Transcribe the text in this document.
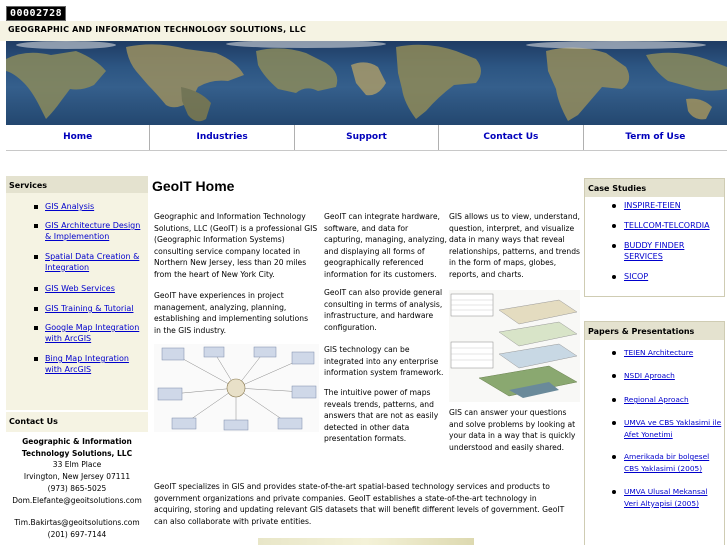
00002728
GEOGRAPHIC AND INFORMATION TECHNOLOGY SOLUTIONS, LLC
Home	Industries	Support	Contact Us	Term of Use
Services
GIS Analysis
GIS Architecture Design & Implemention
Spatial Data Creation & Integration
GIS Web Services
GIS Training & Tutorial
Google Map Integration with ArcGIS
Bing Map Integration with ArcGIS
Contact Us
Geographic & Information
Technology Solutions, LLC
33 Elm Place
Irvington, New Jersey 07111
(973) 865-5025
Dom.Elefante@geoitsolutions.com
Tim.Bakirtas@geoitsolutions.com
(201) 697-7144
GeoIT Home
Geographic and Information Technology Solutions, LLC (GeoIT) is a professional GIS (Geographic Information Systems) consulting service company located in Northern New Jersey, less than 20 miles from the heart of New York City.
GeoIT have experiences in project management, analyzing, planning, establishing and implementing solutions in the GIS industry.
GeoIT can integrate hardware, software, and data for capturing, managing, analyzing, and displaying all forms of geographically referenced information for its customers.
GeoIT can also provide general consulting in terms of analysis, infrastructure, and hardware configuration.
GIS technology can be integrated into any enterprise information system framework.
The intuitive power of maps reveals trends, patterns, and answers that are not as easily detected in other data presentation formats.
GIS allows us to view, understand, question, interpret, and visualize data in many ways that reveal relationships, patterns, and trends in the form of maps, globes, reports, and charts.
GIS can answer your questions and solve problems by looking at your data in a way that is quickly understood and easily shared.
GeoIT specializes in GIS and provides state-of-the-art spatial-based technology services and products to government organizations and private companies. GeoIT establishes a state-of-the-art technology in acquiring, storing and updating relevant GIS datasets that will benefit different levels of government. GeoIT can also collaborate with private entities.
Case Studies
INSPIRE-TEIEN
TELLCOM-TELCORDIA
BUDDY FINDER SERVICES
SICOP
Papers & Presentations
TEIEN Architecture
NSDI Aproach
Regional Aproach
UMVA ve CBS Yaklasimi ile Afet Yonetimi
Amerikada bir bolgesel CBS Yaklasimi (2005)
UMVA Ulusal Mekansal Veri Altyapisi (2005)
